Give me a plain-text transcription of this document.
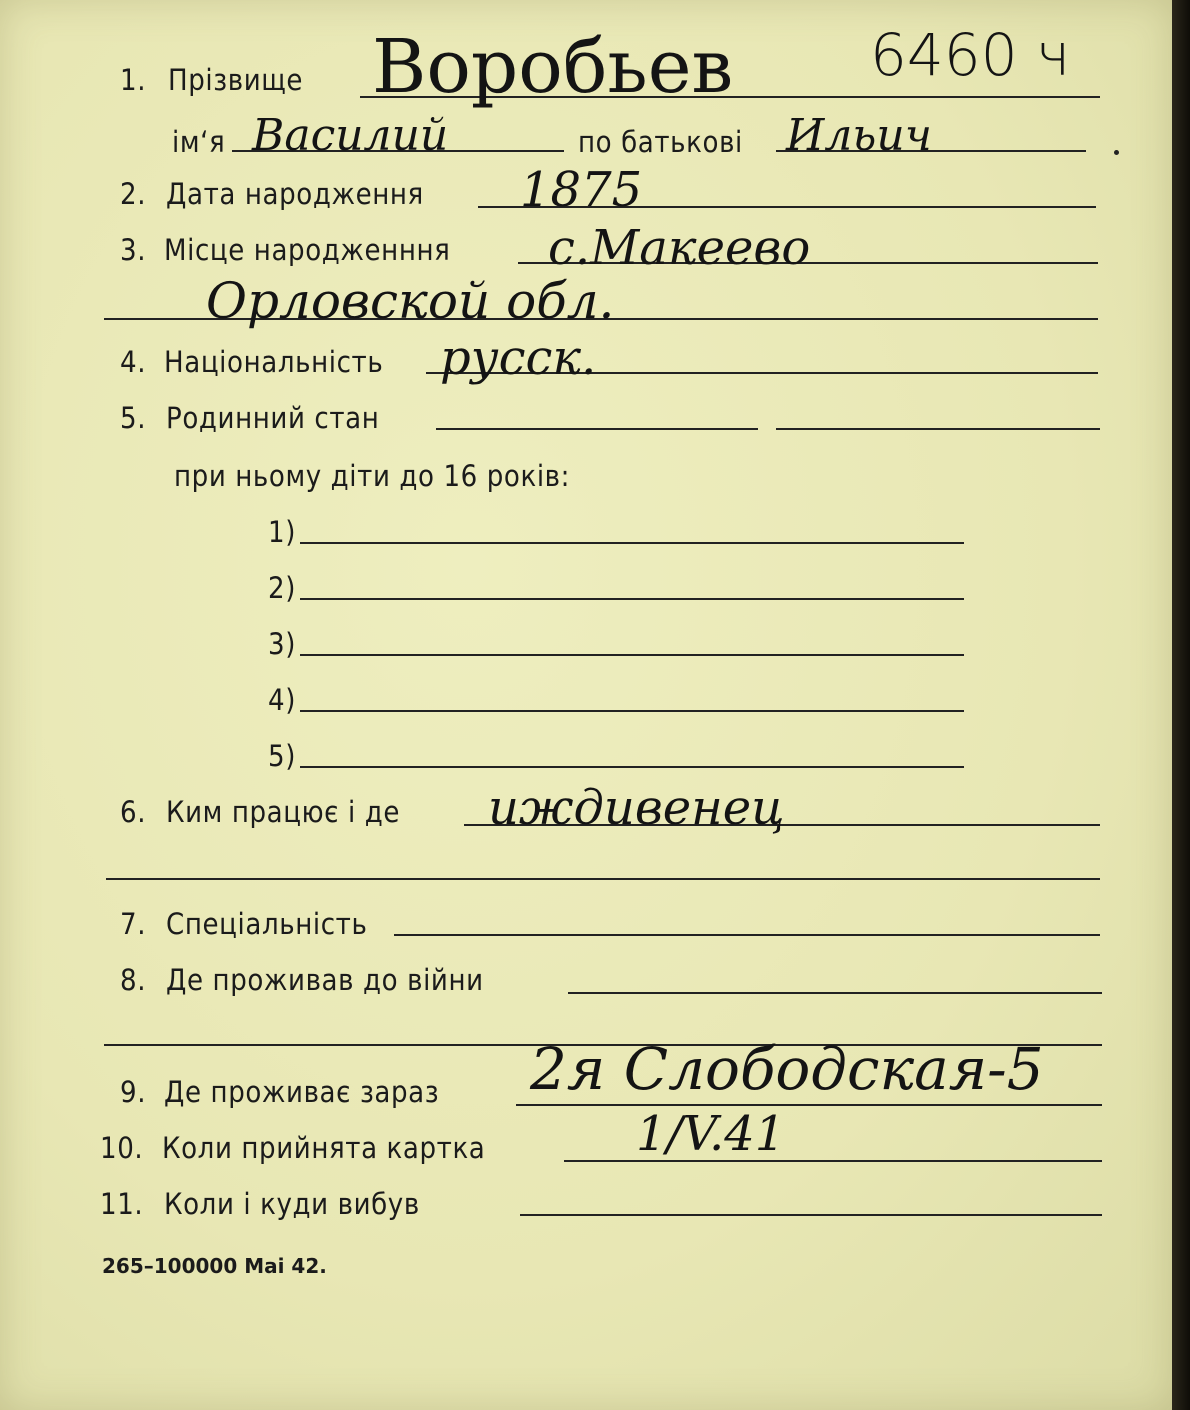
1. Прізвище Воробьев 6460 ч
ім‘я Василий	по батькові Ильич
2. Дата народження 1875
3. Місце народженння с.Макеево
Орловской обл.
4. Національність русск.
5. Родинний стан
при ньому діти до 16 років:
1)
2)
3)
4)
5)
6. Ким працює і де иждивенец
7. Спеціальність
8. Де проживав до війни
9. Де проживає зараз 2я Слободская-5
10. Коли прийнята картка	1/V.41
11. Коли і куди вибув
265–100000 Mai 42.
